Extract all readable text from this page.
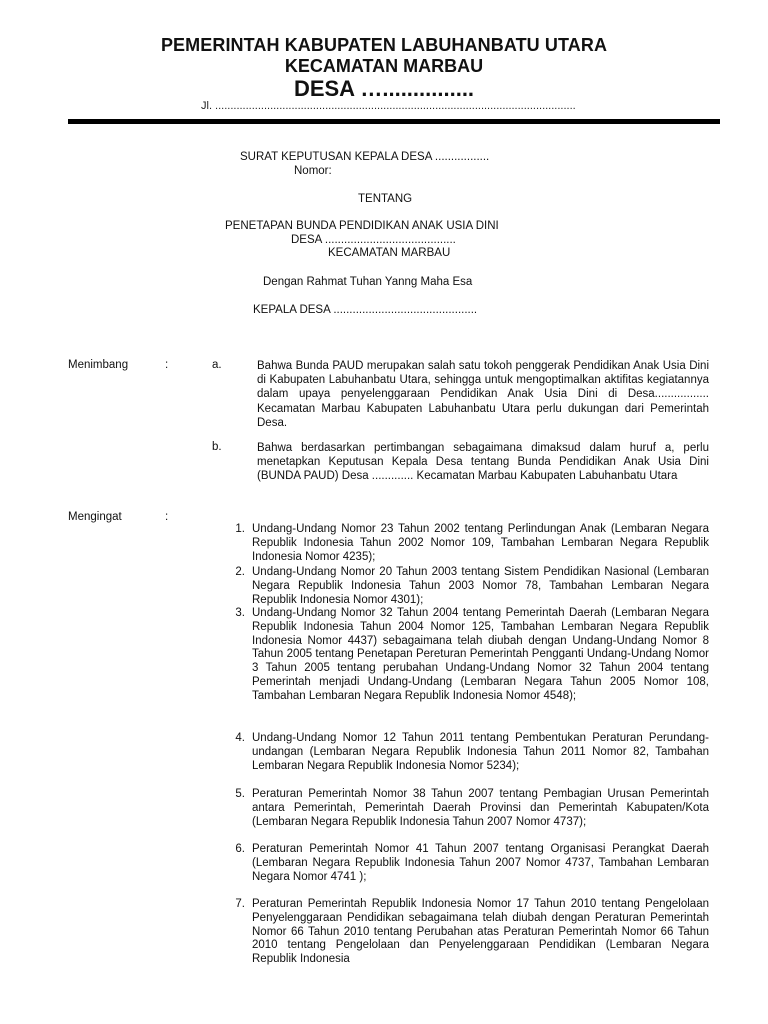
PEMERINTAH KABUPATEN LABUHANBATU UTARA
KECAMATAN MARBAU
DESA …...............
Jl. ......................................................................................................................
SURAT KEPUTUSAN KEPALA DESA .................
Nomor:
TENTANG
PENETAPAN BUNDA PENDIDIKAN ANAK USIA DINI
DESA .........................................
KECAMATAN MARBAU
Dengan Rahmat Tuhan Yanng Maha Esa
KEPALA DESA .............................................
Menimbang	:	a.	Bahwa Bunda PAUD merupakan salah satu tokoh penggerak Pendidikan Anak Usia Dini di Kabupaten Labuhanbatu Utara, sehingga untuk mengoptimalkan aktifitas kegiatannya dalam upaya penyelenggaraan Pendidikan Anak Usia Dini di Desa................. Kecamatan Marbau Kabupaten Labuhanbatu Utara perlu dukungan dari Pemerintah Desa.
b.	Bahwa berdasarkan pertimbangan sebagaimana dimaksud dalam huruf a, perlu menetapkan Keputusan Kepala Desa tentang Bunda Pendidikan Anak Usia Dini (BUNDA PAUD) Desa ............. Kecamatan Marbau Kabupaten Labuhanbatu Utara
Mengingat	:
1. Undang-Undang Nomor 23 Tahun 2002 tentang Perlindungan Anak (Lembaran Negara Republik Indonesia Tahun 2002 Nomor 109, Tambahan Lembaran Negara Republik Indonesia Nomor 4235);
2. Undang-Undang Nomor 20 Tahun 2003 tentang Sistem Pendidikan Nasional (Lembaran Negara Republik Indonesia Tahun 2003 Nomor 78, Tambahan Lembaran Negara Republik Indonesia Nomor 4301);
3. Undang-Undang Nomor 32 Tahun 2004 tentang Pemerintah Daerah (Lembaran Negara Republik Indonesia Tahun 2004 Nomor 125, Tambahan Lembaran Negara Republik Indonesia Nomor 4437) sebagaimana telah diubah dengan Undang-Undang Nomor 8 Tahun 2005 tentang Penetapan Pereturan Pemerintah Pengganti Undang-Undang Nomor 3 Tahun 2005 tentang perubahan Undang-Undang Nomor 32 Tahun 2004 tentang Pemerintah menjadi Undang-Undang (Lembaran Negara Tahun 2005 Nomor 108, Tambahan Lembaran Negara Republik Indonesia Nomor 4548);
4. Undang-Undang Nomor 12 Tahun 2011 tentang Pembentukan Peraturan Perundang-undangan (Lembaran Negara Republik Indonesia Tahun 2011 Nomor 82, Tambahan Lembaran Negara Republik Indonesia Nomor 5234);
5. Peraturan Pemerintah Nomor 38 Tahun 2007 tentang Pembagian Urusan Pemerintah antara Pemerintah, Pemerintah Daerah Provinsi dan Pemerintah Kabupaten/Kota (Lembaran Negara Republik Indonesia Tahun 2007 Nomor 4737);
6. Peraturan Pemerintah Nomor 41 Tahun 2007 tentang Organisasi Perangkat Daerah (Lembaran Negara Republik Indonesia Tahun 2007 Nomor 4737, Tambahan Lembaran Negara Nomor 4741 );
7. Peraturan Pemerintah Republik Indonesia Nomor 17 Tahun 2010 tentang Pengelolaan Penyelenggaraan Pendidikan sebagaimana telah diubah dengan Peraturan Pemerintah Nomor 66 Tahun 2010 tentang Perubahan atas Peraturan Pemerintah Nomor 66 Tahun 2010 tentang Pengelolaan dan Penyelenggaraan Pendidikan (Lembaran Negara Republik Indonesia
